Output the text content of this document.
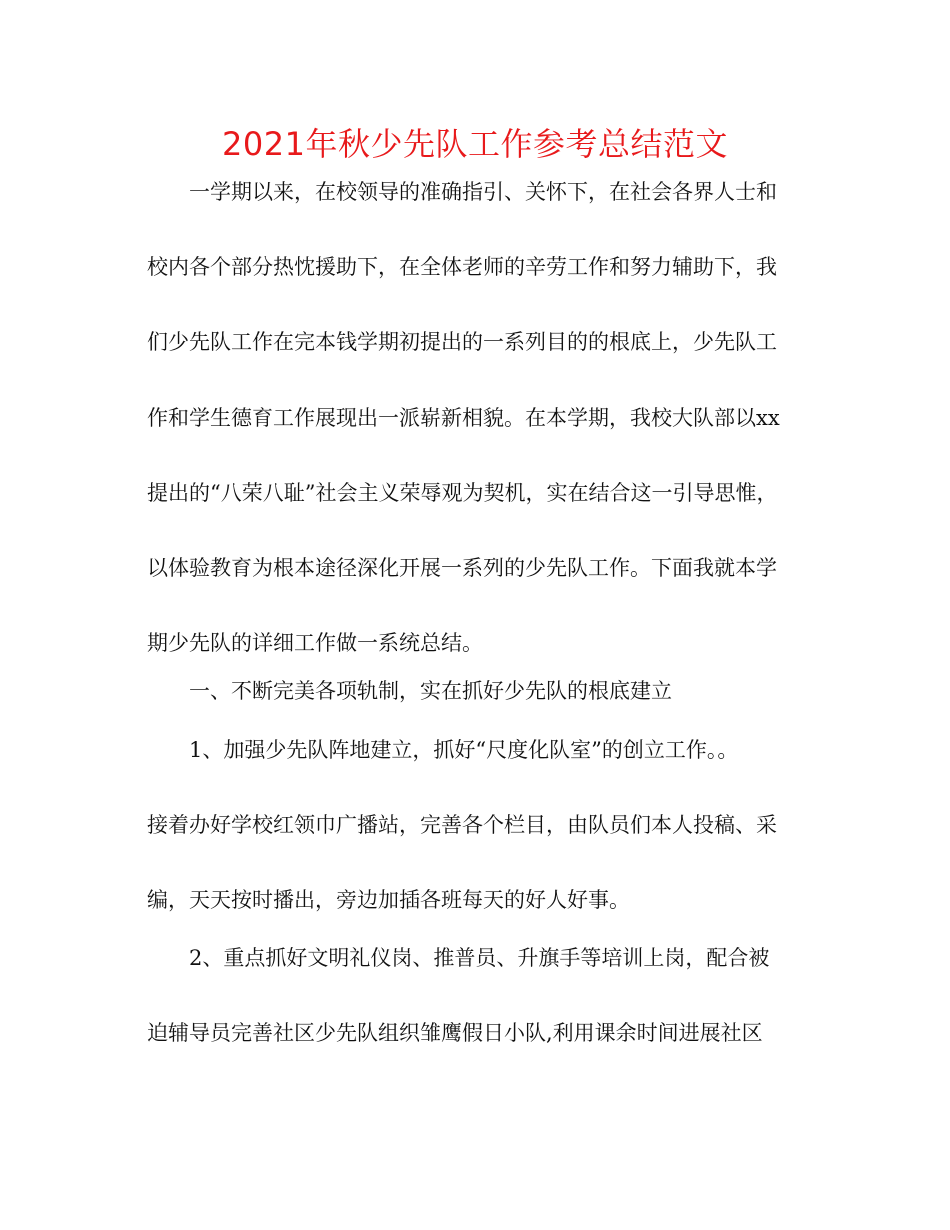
2021年秋少先队工作参考总结范文
一学期以来，在校领导的准确指引、关怀下，在社会各界人士和
校内各个部分热忱援助下，在全体老师的辛劳工作和努力辅助下，我
们少先队工作在完本钱学期初提出的一系列目的的根底上，少先队工
作和学生德育工作展现出一派崭新相貌。在本学期，我校大队部以xx
提出的“八荣八耻”社会主义荣辱观为契机，实在结合这一引导思惟，
以体验教育为根本途径深化开展一系列的少先队工作。下面我就本学
期少先队的详细工作做一系统总结。
一、不断完美各项轨制，实在抓好少先队的根底建立
1、加强少先队阵地建立，抓好“尺度化队室”的创立工作。。
接着办好学校红领巾广播站，完善各个栏目，由队员们本人投稿、采
编，天天按时播出，旁边加插各班每天的好人好事。
2、重点抓好文明礼仪岗、推普员、升旗手等培训上岗，配合被
迫辅导员完善社区少先队组织雏鹰假日小队,利用课余时间进展社区
